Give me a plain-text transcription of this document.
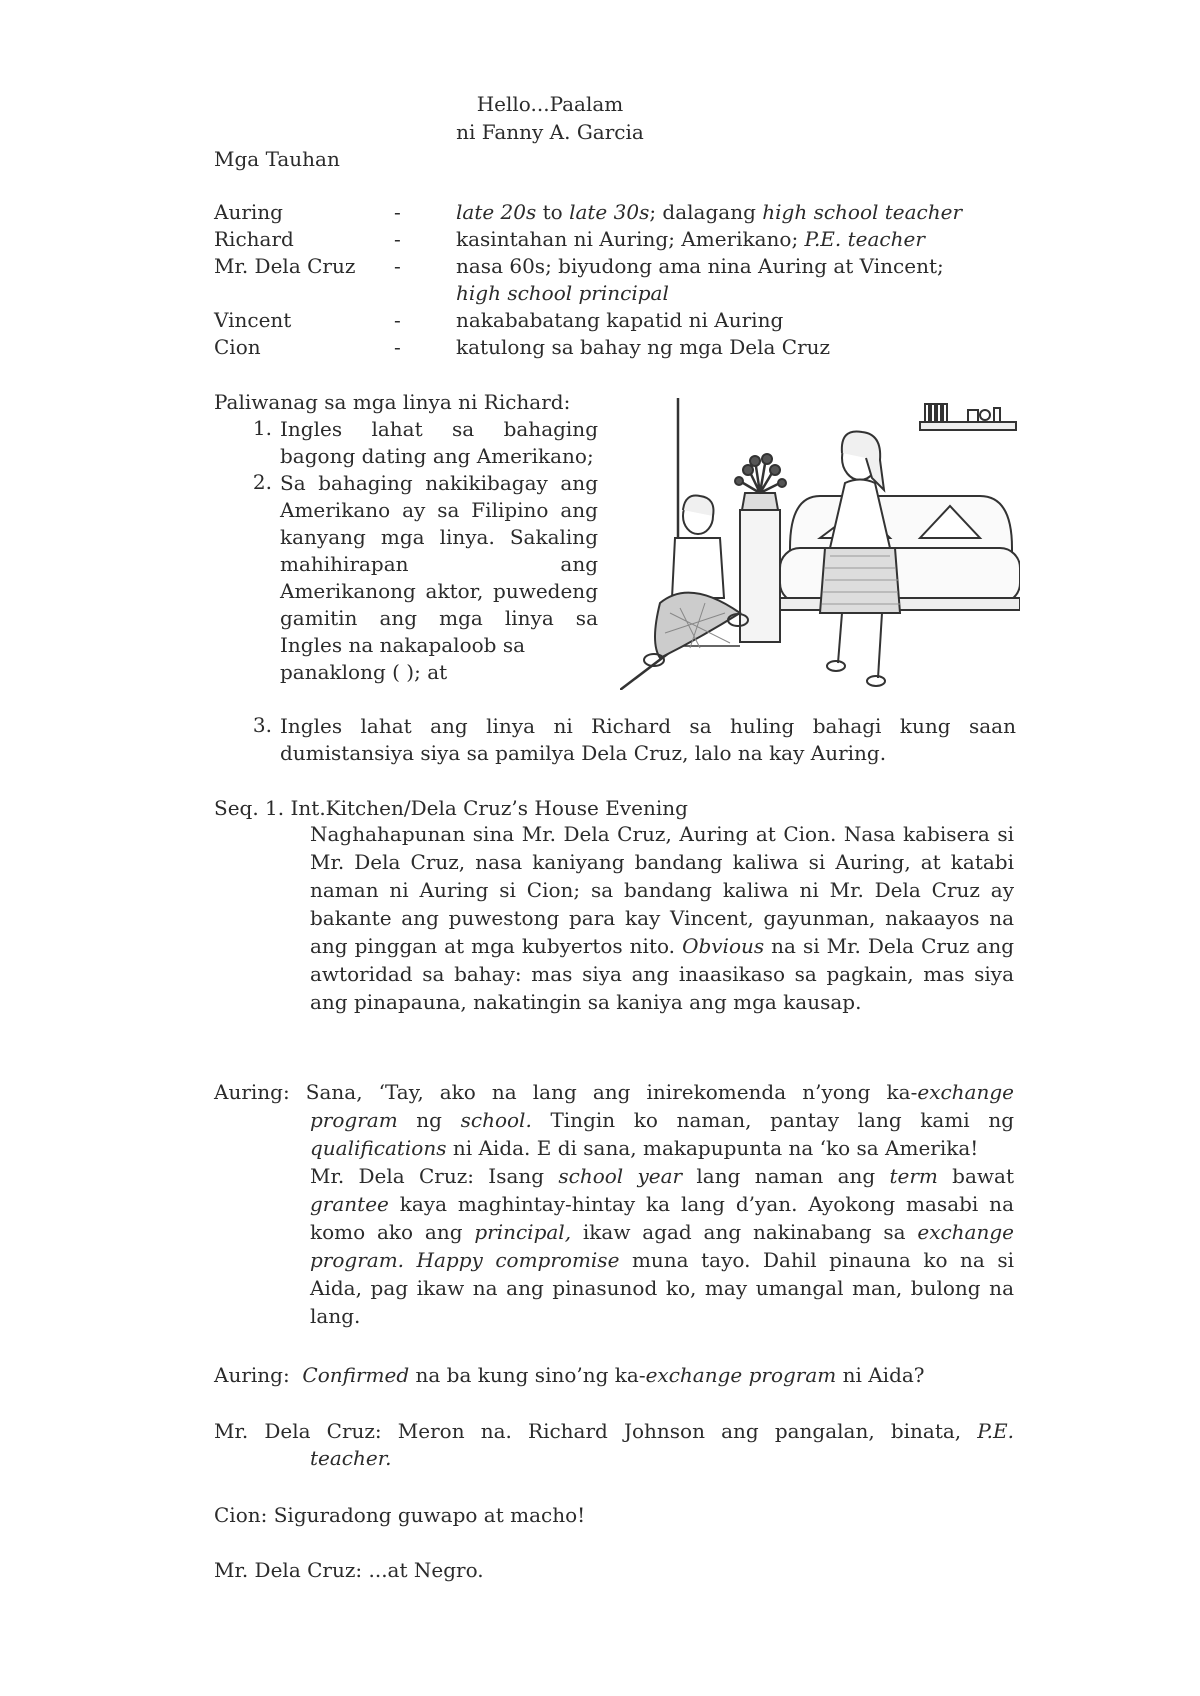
Hello...Paalam
ni Fanny A. Garcia
Mga Tauhan
Auring	-	late 20s to late 30s; dalagang high school teacher
Richard	-	kasintahan ni Auring; Amerikano; P.E. teacher
Mr. Dela Cruz	-	nasa 60s; biyudong ama nina Auring at Vincent;
high school principal
Vincent	-	nakababatang kapatid ni Auring
Cion	-	katulong sa bahay ng mga Dela Cruz
Paliwanag sa mga linya ni Richard:
1. Ingles lahat sa bahaging
bagong dating ang Amerikano;
2. Sa bahaging nakikibagay ang
Amerikano ay sa Filipino ang
kanyang mga linya. Sakaling
mahihirapan ang
Amerikanong aktor, puwedeng
gamitin ang mga linya sa
Ingles na nakapaloob sa
panaklong ( ); at
3. Ingles lahat ang linya ni Richard sa huling bahagi kung saan
dumistansiya siya sa pamilya Dela Cruz, lalo na kay Auring.
Seq. 1. Int.Kitchen/Dela Cruz’s House Evening
Naghahapunan sina Mr. Dela Cruz, Auring at Cion. Nasa kabisera si Mr. Dela Cruz, nasa kaniyang bandang kaliwa si Auring, at katabi naman ni Auring si Cion; sa bandang kaliwa ni Mr. Dela Cruz ay bakante ang puwestong para kay Vincent, gayunman, nakaayos na ang pinggan at mga kubyertos nito. Obvious na si Mr. Dela Cruz ang awtoridad sa bahay: mas siya ang inaasikaso sa pagkain, mas siya ang pinapauna, nakatingin sa kaniya ang mga kausap.
Auring: Sana, ‘Tay, ako na lang ang inirekomenda n’yong ka-exchange program ng school. Tingin ko naman, pantay lang kami ng qualifications ni Aida. E di sana, makapupunta na ‘ko sa Amerika!
Mr. Dela Cruz: Isang school year lang naman ang term bawat grantee kaya maghintay-hintay ka lang d’yan. Ayokong masabi na komo ako ang principal, ikaw agad ang nakinabang sa exchange program. Happy compromise muna tayo. Dahil pinauna ko na si Aida, pag ikaw na ang pinasunod ko, may umangal man, bulong na lang.
Auring: Confirmed na ba kung sino’ng ka-exchange program ni Aida?
Mr. Dela Cruz: Meron na. Richard Johnson ang pangalan, binata, P.E.
teacher.
Cion: Siguradong guwapo at macho!
Mr. Dela Cruz: ...at Negro.
